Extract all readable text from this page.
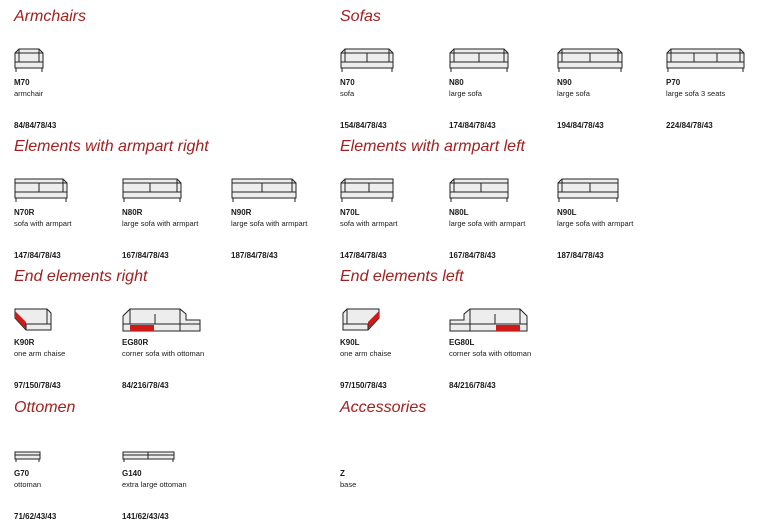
Armchairs	Sofas
Elements with armpart right	Elements with armpart left
End elements right	End elements left
Ottomen	Accessories
M70
armchair
84/84/78/43
N70
sofa
154/84/78/43
N80
large sofa
174/84/78/43
N90
large sofa
194/84/78/43
P70
large sofa 3 seats
224/84/78/43
N70R
sofa with armpart
147/84/78/43
N80R
large sofa with armpart
167/84/78/43
N90R
large sofa with armpart
187/84/78/43
N70L
sofa with armpart
147/84/78/43
N80L
large sofa with armpart
167/84/78/43
N90L
large sofa with armpart
187/84/78/43
K90R
one arm chaise
97/150/78/43
EG80R
corner sofa with ottoman
84/216/78/43
K90L
one arm chaise
97/150/78/43
EG80L
corner sofa with ottoman
84/216/78/43
G70
ottoman
71/62/43/43
G140
extra large ottoman
141/62/43/43
Z
base
